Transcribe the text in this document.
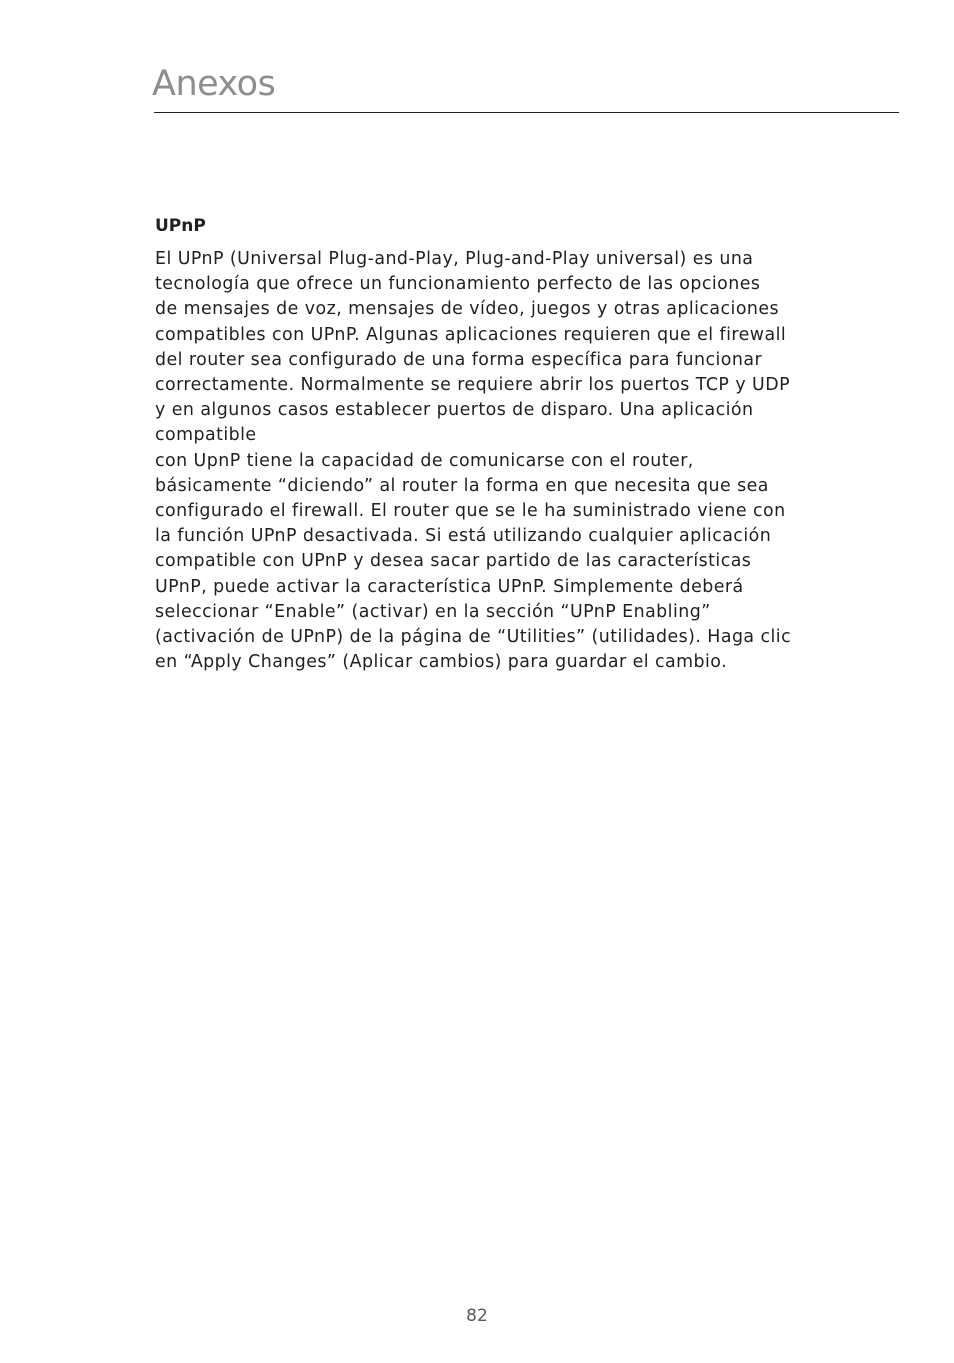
Anexos
UPnP

El UPnP (Universal Plug-and-Play, Plug-and-Play universal) es una

tecnología que ofrece un funcionamiento perfecto de las opciones

de mensajes de voz, mensajes de vídeo, juegos y otras aplicaciones

compatibles con UPnP. Algunas aplicaciones requieren que el firewall

del router sea configurado de una forma específica para funcionar

correctamente. Normalmente se requiere abrir los puertos TCP y UDP

y en algunos casos establecer puertos de disparo. Una aplicación

compatible

con UpnP tiene la capacidad de comunicarse con el router,

básicamente “diciendo” al router la forma en que necesita que sea

configurado el firewall. El router que se le ha suministrado viene con

la función UPnP desactivada. Si está utilizando cualquier aplicación

compatible con UPnP y desea sacar partido de las características

UPnP, puede activar la característica UPnP. Simplemente deberá

seleccionar “Enable” (activar) en la sección “UPnP Enabling”

(activación de UPnP) de la página de “Utilities” (utilidades). Haga clic

en “Apply Changes” (Aplicar cambios) para guardar el cambio.

82
